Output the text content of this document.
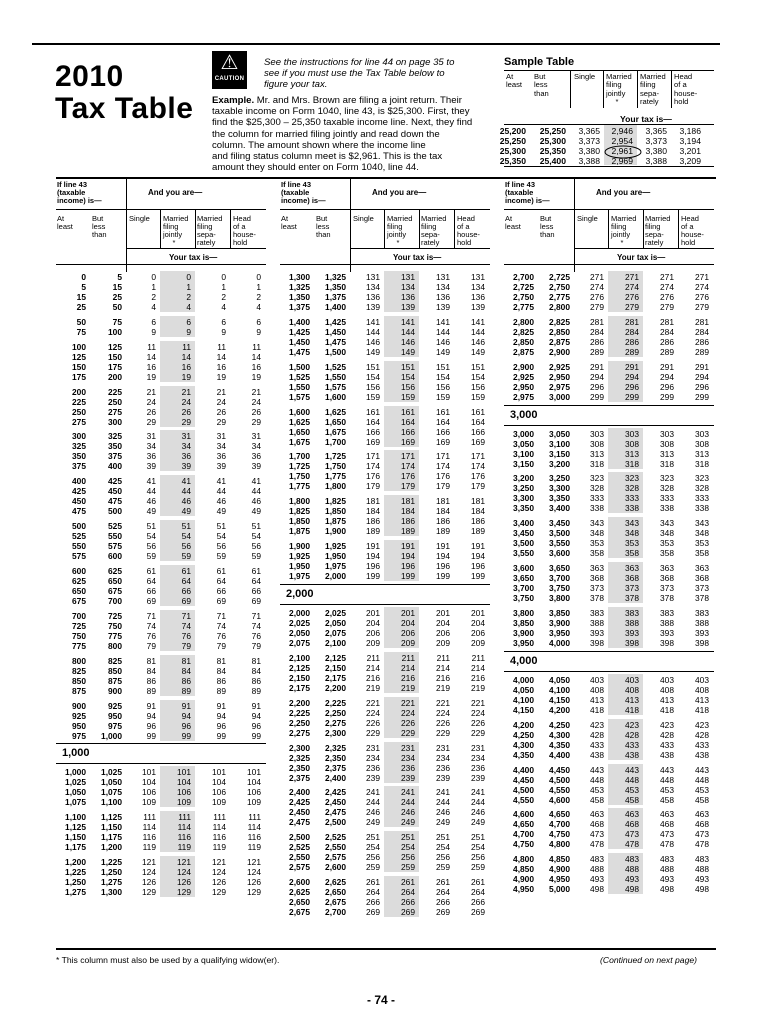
2010
Tax Table
⚠
CAUTION
See the instructions for line 44 on page 35 to
see if you must use the Tax Table below to
figure your tax.
Example. Mr. and Mrs. Brown are filing a joint return. Their
taxable income on Form 1040, line 43, is $25,300. First, they
find the $25,300 – 25,350 taxable income line. Next, they find
the column for married filing jointly and read down the
column. The amount shown where the income line
and filing status column meet is $2,961. This is the tax
amount they should enter on Form 1040, line 44.
Sample Table
At
least
But
less
than
Single Married
filing
jointly
*
Married
filing
sepa-
rately
Head
of a
house-
hold
Your tax is—
25,200	25,250	3,365	2,946	3,365	3,186
25,250	25,300	3,373	2,954	3,373	3,194
25,300	25,350	3,380	2,961	3,380	3,201
25,350	25,400	3,388	2,969	3,388	3,209
If line 43
(taxable
income) is—
And you are—
At
least
But
less
than
Single Married
filing
jointly
*
Married
filing
sepa-
rately
Head
of a
house-
hold
Your tax is—
0	5	0	0	0	0
5	15	1	1	1	1
15	25	2	2	2	2
25	50	4	4	4	4
50	75	6	6	6	6
75	100	9	9	9	9
100	125	11	11	11	11
125	150	14	14	14	14
150	175	16	16	16	16
175	200	19	19	19	19
200	225	21	21	21	21
225	250	24	24	24	24
250	275	26	26	26	26
275	300	29	29	29	29
300	325	31	31	31	31
325	350	34	34	34	34
350	375	36	36	36	36
375	400	39	39	39	39
400	425	41	41	41	41
425	450	44	44	44	44
450	475	46	46	46	46
475	500	49	49	49	49
500	525	51	51	51	51
525	550	54	54	54	54
550	575	56	56	56	56
575	600	59	59	59	59
600	625	61	61	61	61
625	650	64	64	64	64
650	675	66	66	66	66
675	700	69	69	69	69
700	725	71	71	71	71
725	750	74	74	74	74
750	775	76	76	76	76
775	800	79	79	79	79
800	825	81	81	81	81
825	850	84	84	84	84
850	875	86	86	86	86
875	900	89	89	89	89
900	925	91	91	91	91
925	950	94	94	94	94
950	975	96	96	96	96
975	1,000	99	99	99	99
1,000
1,000	1,025	101	101	101	101
1,025	1,050	104	104	104	104
1,050	1,075	106	106	106	106
1,075	1,100	109	109	109	109
1,100	1,125	111	111	111	111
1,125	1,150	114	114	114	114
1,150	1,175	116	116	116	116
1,175	1,200	119	119	119	119
1,200	1,225	121	121	121	121
1,225	1,250	124	124	124	124
1,250	1,275	126	126	126	126
1,275	1,300	129	129	129	129
If line 43
(taxable
income) is—
And you are—
At
least
But
less
than
Single Married
filing
jointly
*
Married
filing
sepa-
rately
Head
of a
house-
hold
Your tax is—
1,300	1,325	131	131	131	131
1,325	1,350	134	134	134	134
1,350	1,375	136	136	136	136
1,375	1,400	139	139	139	139
1,400	1,425	141	141	141	141
1,425	1,450	144	144	144	144
1,450	1,475	146	146	146	146
1,475	1,500	149	149	149	149
1,500	1,525	151	151	151	151
1,525	1,550	154	154	154	154
1,550	1,575	156	156	156	156
1,575	1,600	159	159	159	159
1,600	1,625	161	161	161	161
1,625	1,650	164	164	164	164
1,650	1,675	166	166	166	166
1,675	1,700	169	169	169	169
1,700	1,725	171	171	171	171
1,725	1,750	174	174	174	174
1,750	1,775	176	176	176	176
1,775	1,800	179	179	179	179
1,800	1,825	181	181	181	181
1,825	1,850	184	184	184	184
1,850	1,875	186	186	186	186
1,875	1,900	189	189	189	189
1,900	1,925	191	191	191	191
1,925	1,950	194	194	194	194
1,950	1,975	196	196	196	196
1,975	2,000	199	199	199	199
2,000
2,000	2,025	201	201	201	201
2,025	2,050	204	204	204	204
2,050	2,075	206	206	206	206
2,075	2,100	209	209	209	209
2,100	2,125	211	211	211	211
2,125	2,150	214	214	214	214
2,150	2,175	216	216	216	216
2,175	2,200	219	219	219	219
2,200	2,225	221	221	221	221
2,225	2,250	224	224	224	224
2,250	2,275	226	226	226	226
2,275	2,300	229	229	229	229
2,300	2,325	231	231	231	231
2,325	2,350	234	234	234	234
2,350	2,375	236	236	236	236
2,375	2,400	239	239	239	239
2,400	2,425	241	241	241	241
2,425	2,450	244	244	244	244
2,450	2,475	246	246	246	246
2,475	2,500	249	249	249	249
2,500	2,525	251	251	251	251
2,525	2,550	254	254	254	254
2,550	2,575	256	256	256	256
2,575	2,600	259	259	259	259
2,600	2,625	261	261	261	261
2,625	2,650	264	264	264	264
2,650	2,675	266	266	266	266
2,675	2,700	269	269	269	269
If line 43
(taxable
income) is—
And you are—
At
least
But
less
than
Single Married
filing
jointly
*
Married
filing
sepa-
rately
Head
of a
house-
hold
Your tax is—
2,700	2,725	271	271	271	271
2,725	2,750	274	274	274	274
2,750	2,775	276	276	276	276
2,775	2,800	279	279	279	279
2,800	2,825	281	281	281	281
2,825	2,850	284	284	284	284
2,850	2,875	286	286	286	286
2,875	2,900	289	289	289	289
2,900	2,925	291	291	291	291
2,925	2,950	294	294	294	294
2,950	2,975	296	296	296	296
2,975	3,000	299	299	299	299
3,000
3,000	3,050	303	303	303	303
3,050	3,100	308	308	308	308
3,100	3,150	313	313	313	313
3,150	3,200	318	318	318	318
3,200	3,250	323	323	323	323
3,250	3,300	328	328	328	328
3,300	3,350	333	333	333	333
3,350	3,400	338	338	338	338
3,400	3,450	343	343	343	343
3,450	3,500	348	348	348	348
3,500	3,550	353	353	353	353
3,550	3,600	358	358	358	358
3,600	3,650	363	363	363	363
3,650	3,700	368	368	368	368
3,700	3,750	373	373	373	373
3,750	3,800	378	378	378	378
3,800	3,850	383	383	383	383
3,850	3,900	388	388	388	388
3,900	3,950	393	393	393	393
3,950	4,000	398	398	398	398
4,000
4,000	4,050	403	403	403	403
4,050	4,100	408	408	408	408
4,100	4,150	413	413	413	413
4,150	4,200	418	418	418	418
4,200	4,250	423	423	423	423
4,250	4,300	428	428	428	428
4,300	4,350	433	433	433	433
4,350	4,400	438	438	438	438
4,400	4,450	443	443	443	443
4,450	4,500	448	448	448	448
4,500	4,550	453	453	453	453
4,550	4,600	458	458	458	458
4,600	4,650	463	463	463	463
4,650	4,700	468	468	468	468
4,700	4,750	473	473	473	473
4,750	4,800	478	478	478	478
4,800	4,850	483	483	483	483
4,850	4,900	488	488	488	488
4,900	4,950	493	493	493	493
4,950	5,000	498	498	498	498
* This column must also be used by a qualifying widow(er).	(Continued on next page)
- 74 -
